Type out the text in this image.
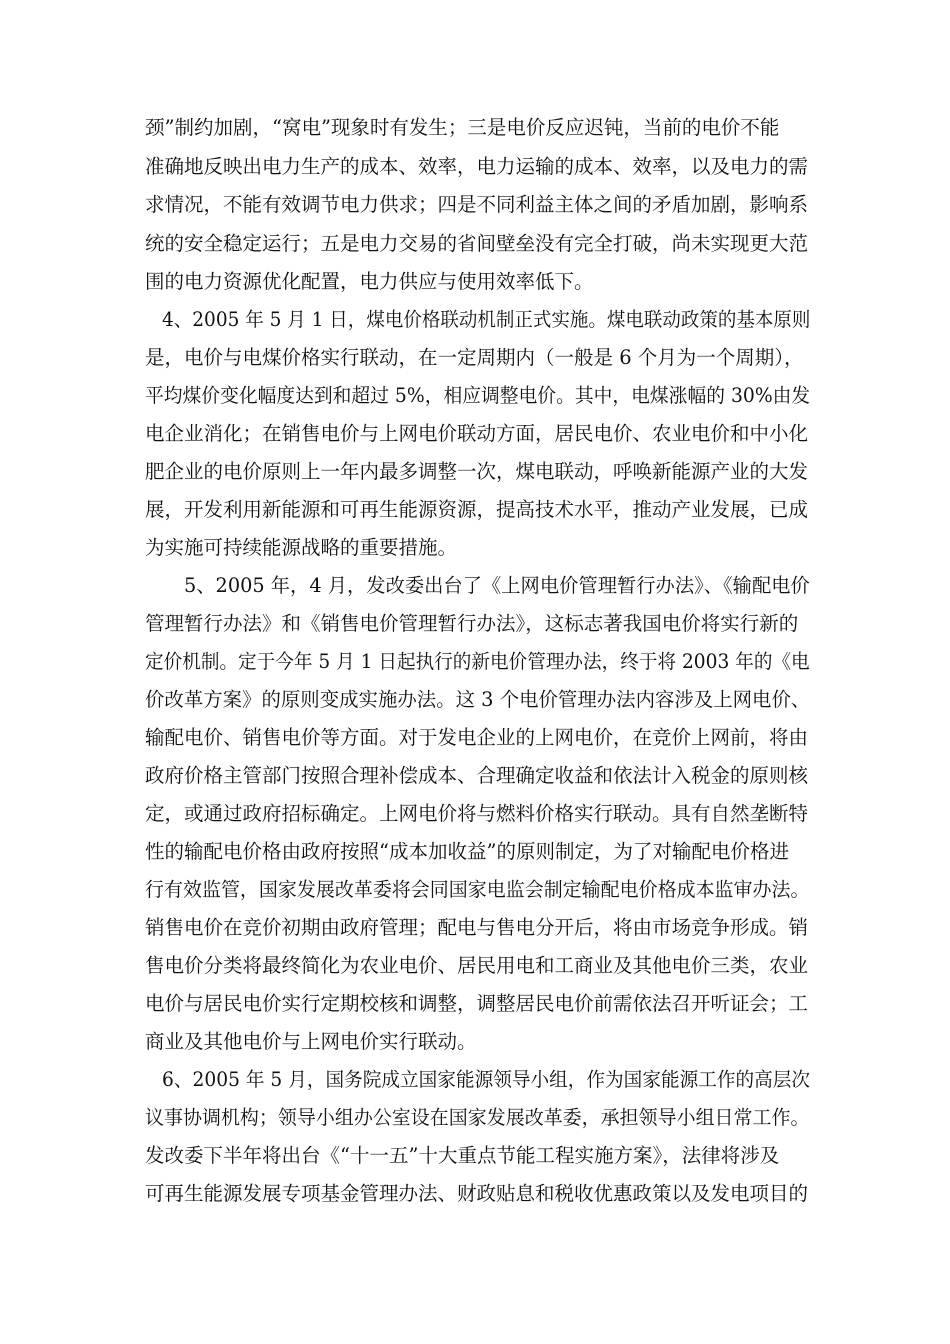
颈”制约加剧，“窝电”现象时有发生；三是电价反应迟钝，当前的电价不能
准确地反映出电力生产的成本、效率，电力运输的成本、效率，以及电力的需
求情况，不能有效调节电力供求；四是不同利益主体之间的矛盾加剧，影响系
统的安全稳定运行；五是电力交易的省间壁垒没有完全打破，尚未实现更大范
围的电力资源优化配置，电力供应与使用效率低下。
4、2005 年 5 月 1 日，煤电价格联动机制正式实施。煤电联动政策的基本原则
是，电价与电煤价格实行联动，在一定周期内（一般是 6 个月为一个周期），
平均煤价变化幅度达到和超过 5%，相应调整电价。其中，电煤涨幅的 30%由发
电企业消化；在销售电价与上网电价联动方面，居民电价、农业电价和中小化
肥企业的电价原则上一年内最多调整一次，煤电联动，呼唤新能源产业的大发
展，开发利用新能源和可再生能源资源，提高技术水平，推动产业发展，已成
为实施可持续能源战略的重要措施。
5、2005 年，4 月，发改委出台了《上网电价管理暂行办法》、《输配电价
管理暂行办法》和《销售电价管理暂行办法》，这标志著我国电价将实行新的
定价机制。定于今年 5 月 1 日起执行的新电价管理办法，终于将 2003 年的《电
价改革方案》的原则变成实施办法。这 3 个电价管理办法内容涉及上网电价、
输配电价、销售电价等方面。对于发电企业的上网电价，在竞价上网前，将由
政府价格主管部门按照合理补偿成本、合理确定收益和依法计入税金的原则核
定，或通过政府招标确定。上网电价将与燃料价格实行联动。具有自然垄断特
性的输配电价格由政府按照“成本加收益”的原则制定，为了对输配电价格进
行有效监管，国家发展改革委将会同国家电监会制定输配电价格成本监审办法。
销售电价在竞价初期由政府管理；配电与售电分开后，将由市场竞争形成。销
售电价分类将最终简化为农业电价、居民用电和工商业及其他电价三类，农业
电价与居民电价实行定期校核和调整，调整居民电价前需依法召开听证会；工
商业及其他电价与上网电价实行联动。
6、2005 年 5 月，国务院成立国家能源领导小组，作为国家能源工作的高层次
议事协调机构；领导小组办公室设在国家发展改革委，承担领导小组日常工作。
发改委下半年将出台《“十一五”十大重点节能工程实施方案》，法律将涉及
可再生能源发展专项基金管理办法、财政贴息和税收优惠政策以及发电项目的
